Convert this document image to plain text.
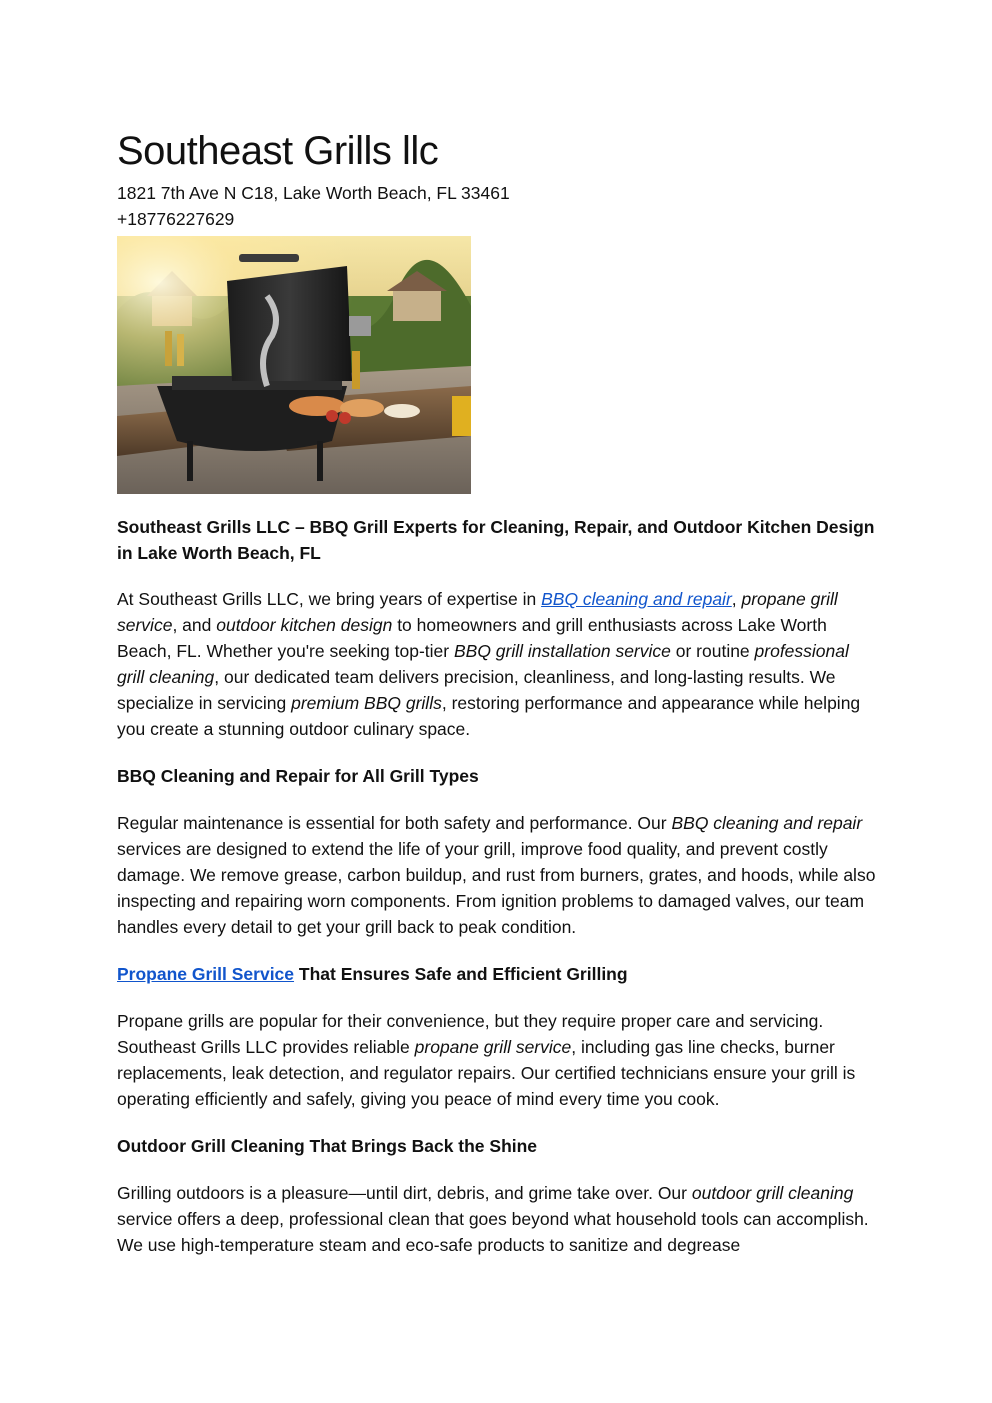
Southeast Grills llc

1821 7th Ave N C18, Lake Worth Beach, FL 33461

+18776227629

Southeast Grills LLC – BBQ Grill Experts for Cleaning, Repair, and Outdoor Kitchen Design in Lake Worth Beach, FL

At Southeast Grills LLC, we bring years of expertise in BBQ cleaning and repair, propane grill service, and outdoor kitchen design to homeowners and grill enthusiasts across Lake Worth Beach, FL. Whether you're seeking top-tier BBQ grill installation service or routine professional grill cleaning, our dedicated team delivers precision, cleanliness, and long-lasting results. We specialize in servicing premium BBQ grills, restoring performance and appearance while helping you create a stunning outdoor culinary space.

BBQ Cleaning and Repair for All Grill Types

Regular maintenance is essential for both safety and performance. Our BBQ cleaning and repair services are designed to extend the life of your grill, improve food quality, and prevent costly damage. We remove grease, carbon buildup, and rust from burners, grates, and hoods, while also inspecting and repairing worn components. From ignition problems to damaged valves, our team handles every detail to get your grill back to peak condition.

Propane Grill Service That Ensures Safe and Efficient Grilling

Propane grills are popular for their convenience, but they require proper care and servicing. Southeast Grills LLC provides reliable propane grill service, including gas line checks, burner replacements, leak detection, and regulator repairs. Our certified technicians ensure your grill is operating efficiently and safely, giving you peace of mind every time you cook.

Outdoor Grill Cleaning That Brings Back the Shine

Grilling outdoors is a pleasure—until dirt, debris, and grime take over. Our outdoor grill cleaning service offers a deep, professional clean that goes beyond what household tools can accomplish. We use high-temperature steam and eco-safe products to sanitize and degrease
